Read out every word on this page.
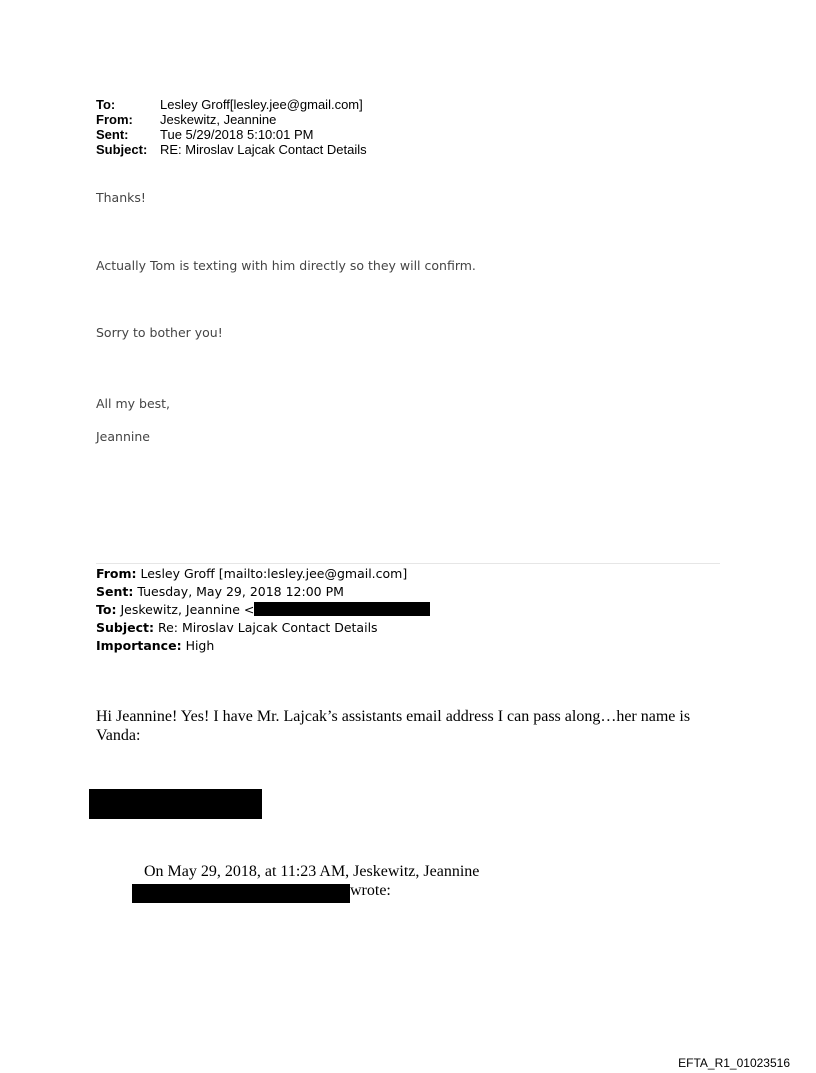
To:	Lesley Groff[lesley.jee@gmail.com]
From:	Jeskewitz, Jeannine
Sent:	Tue 5/29/2018 5:10:01 PM
Subject: RE: Miroslav Lajcak Contact Details
Thanks!
Actually Tom is texting with him directly so they will confirm.
Sorry to bother you!
All my best,
Jeannine
From: Lesley Groff [mailto:lesley.jee@gmail.com]
Sent: Tuesday, May 29, 2018 12:00 PM
To: Jeskewitz, Jeannine <
Subject: Re: Miroslav Lajcak Contact Details
Importance: High
Hi Jeannine! Yes! I have Mr. Lajcak’s assistants email address I can pass along…her name is
Vanda:
On May 29, 2018, at 11:23 AM, Jeskewitz, Jeannine
wrote:
EFTA_R1_01023516
